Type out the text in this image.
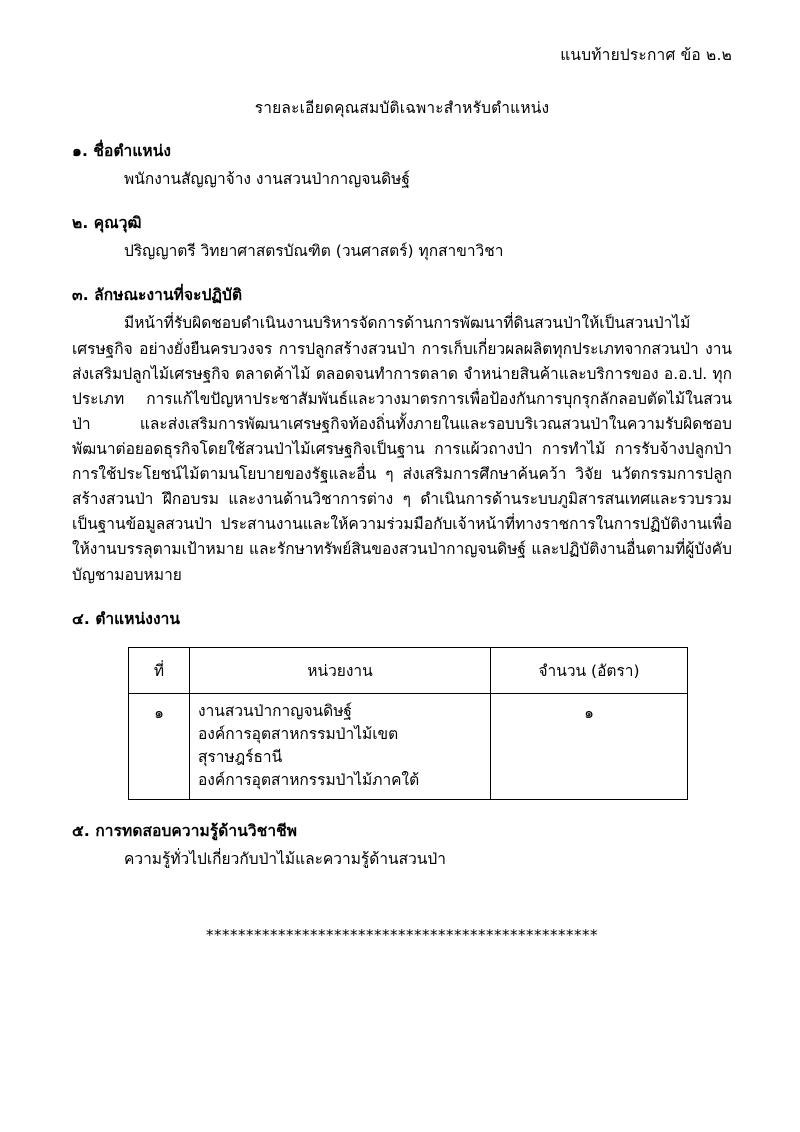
แนบท้ายประกาศ ข้อ ๒.๒
รายละเอียดคุณสมบัติเฉพาะสำหรับตำแหน่ง
๑. ชื่อตำแหน่ง
พนักงานสัญญาจ้าง งานสวนป่ากาญจนดิษฐ์
๒. คุณวุฒิ
ปริญญาตรี วิทยาศาสตรบัณฑิต (วนศาสตร์) ทุกสาขาวิชา
๓. ลักษณะงานที่จะปฏิบัติ
มีหน้าที่รับผิดชอบดำเนินงานบริหารจัดการด้านการพัฒนาที่ดินสวนป่าให้เป็นสวนป่าไม้เศรษฐกิจ อย่างยั่งยืนครบวงจร การปลูกสร้างสวนป่า การเก็บเกี่ยวผลผลิตทุกประเภทจากสวนป่า งานส่งเสริมปลูกไม้เศรษฐกิจ ตลาดค้าไม้ ตลอดจนทำการตลาด จำหน่ายสินค้าและบริการของ อ.อ.ป. ทุกประเภท การแก้ไขปัญหาประชาสัมพันธ์และวางมาตรการเพื่อป้องกันการบุกรุกลักลอบตัดไม้ในสวนป่า และส่งเสริมการพัฒนาเศรษฐกิจท้องถิ่นทั้งภายในและรอบบริเวณสวนป่าในความรับผิดชอบ พัฒนาต่อยอดธุรกิจโดยใช้สวนป่าไม้เศรษฐกิจเป็นฐาน การแผ้วถางป่า การทำไม้ การรับจ้างปลูกป่า การใช้ประโยชน์ไม้ตามนโยบายของรัฐและอื่น ๆ ส่งเสริมการศึกษาค้นคว้า วิจัย นวัตกรรมการปลูกสร้างสวนป่า ฝึกอบรม และงานด้านวิชาการต่าง ๆ ดำเนินการด้านระบบภูมิสารสนเทศและรวบรวมเป็นฐานข้อมูลสวนป่า ประสานงานและให้ความร่วมมือกับเจ้าหน้าที่ทางราชการในการปฏิบัติงานเพื่อให้งานบรรลุตามเป้าหมาย และรักษาทรัพย์สินของสวนป่ากาญจนดิษฐ์ และปฏิบัติงานอื่นตามที่ผู้บังคับบัญชามอบหมาย
๔. ตำแหน่งงาน
ที่	หน่วยงาน	จำนวน (อัตรา)
๑	งานสวนป่ากาญจนดิษฐ์
องค์การอุตสาหกรรมป่าไม้เขตสุราษฎร์ธานี
องค์การอุตสาหกรรมป่าไม้ภาคใต้	๑
๕. การทดสอบความรู้ด้านวิชาชีพ
ความรู้ทั่วไปเกี่ยวกับป่าไม้และความรู้ด้านสวนป่า
*************************************************
